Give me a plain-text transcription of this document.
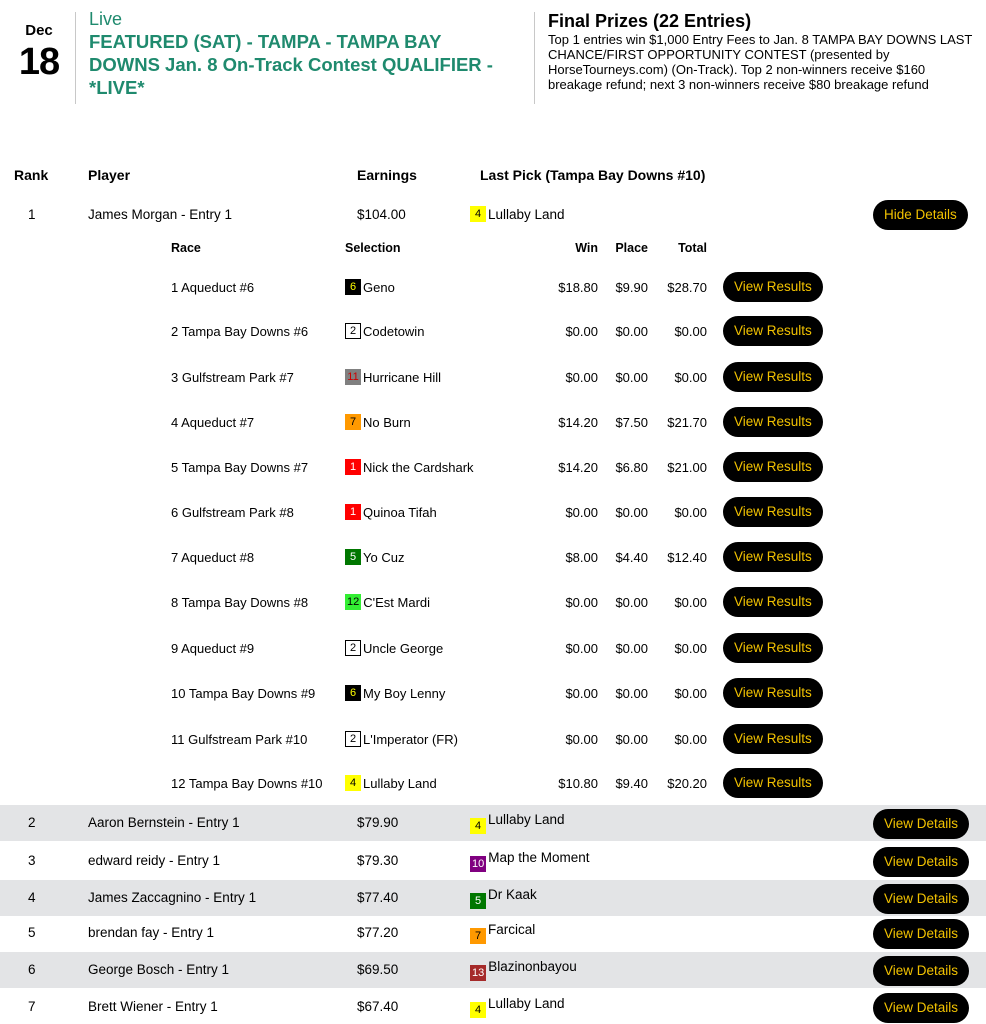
Dec
18
Live
FEATURED (SAT) - TAMPA - TAMPA BAY DOWNS Jan. 8 On-Track Contest QUALIFIER - *LIVE*
Final Prizes (22 Entries)
Top 1 entries win $1,000 Entry Fees to Jan. 8 TAMPA BAY DOWNS LAST CHANCE/FIRST OPPORTUNITY CONTEST (presented by HorseTourneys.com) (On-Track). Top 2 non-winners receive $160 breakage refund; next 3 non-winners receive $80 breakage refund
Rank	Player	Earnings	Last Pick (Tampa Bay Downs #10)
1	James Morgan - Entry 1	$104.00	4 Lullaby Land	Hide Details
Race	Selection	Win	Place	Total
1 Aqueduct #6	6 Geno	$18.80	$9.90	$28.70	View Results
2 Tampa Bay Downs #6	2 Codetowin	$0.00	$0.00	$0.00	View Results
3 Gulfstream Park #7	11 Hurricane Hill	$0.00	$0.00	$0.00	View Results
4 Aqueduct #7	7 No Burn	$14.20	$7.50	$21.70	View Results
5 Tampa Bay Downs #7	1 Nick the Cardshark	$14.20	$6.80	$21.00	View Results
6 Gulfstream Park #8	1 Quinoa Tifah	$0.00	$0.00	$0.00	View Results
7 Aqueduct #8	5 Yo Cuz	$8.00	$4.40	$12.40	View Results
8 Tampa Bay Downs #8	12 C'Est Mardi	$0.00	$0.00	$0.00	View Results
9 Aqueduct #9	2 Uncle George	$0.00	$0.00	$0.00	View Results
10 Tampa Bay Downs #9	6 My Boy Lenny	$0.00	$0.00	$0.00	View Results
11 Gulfstream Park #10	2 L'Imperator (FR)	$0.00	$0.00	$0.00	View Results
12 Tampa Bay Downs #10	4 Lullaby Land	$10.80	$9.40	$20.20	View Results
2	Aaron Bernstein - Entry 1	$79.90	4 Lullaby Land	View Details
3	edward reidy - Entry 1	$79.30	10 Map the Moment	View Details
4	James Zaccagnino - Entry 1	$77.40	5 Dr Kaak	View Details
5	brendan fay - Entry 1	$77.20	7 Farcical	View Details
6	George Bosch - Entry 1	$69.50	13 Blazinonbayou	View Details
7	Brett Wiener - Entry 1	$67.40	4 Lullaby Land	View Details
